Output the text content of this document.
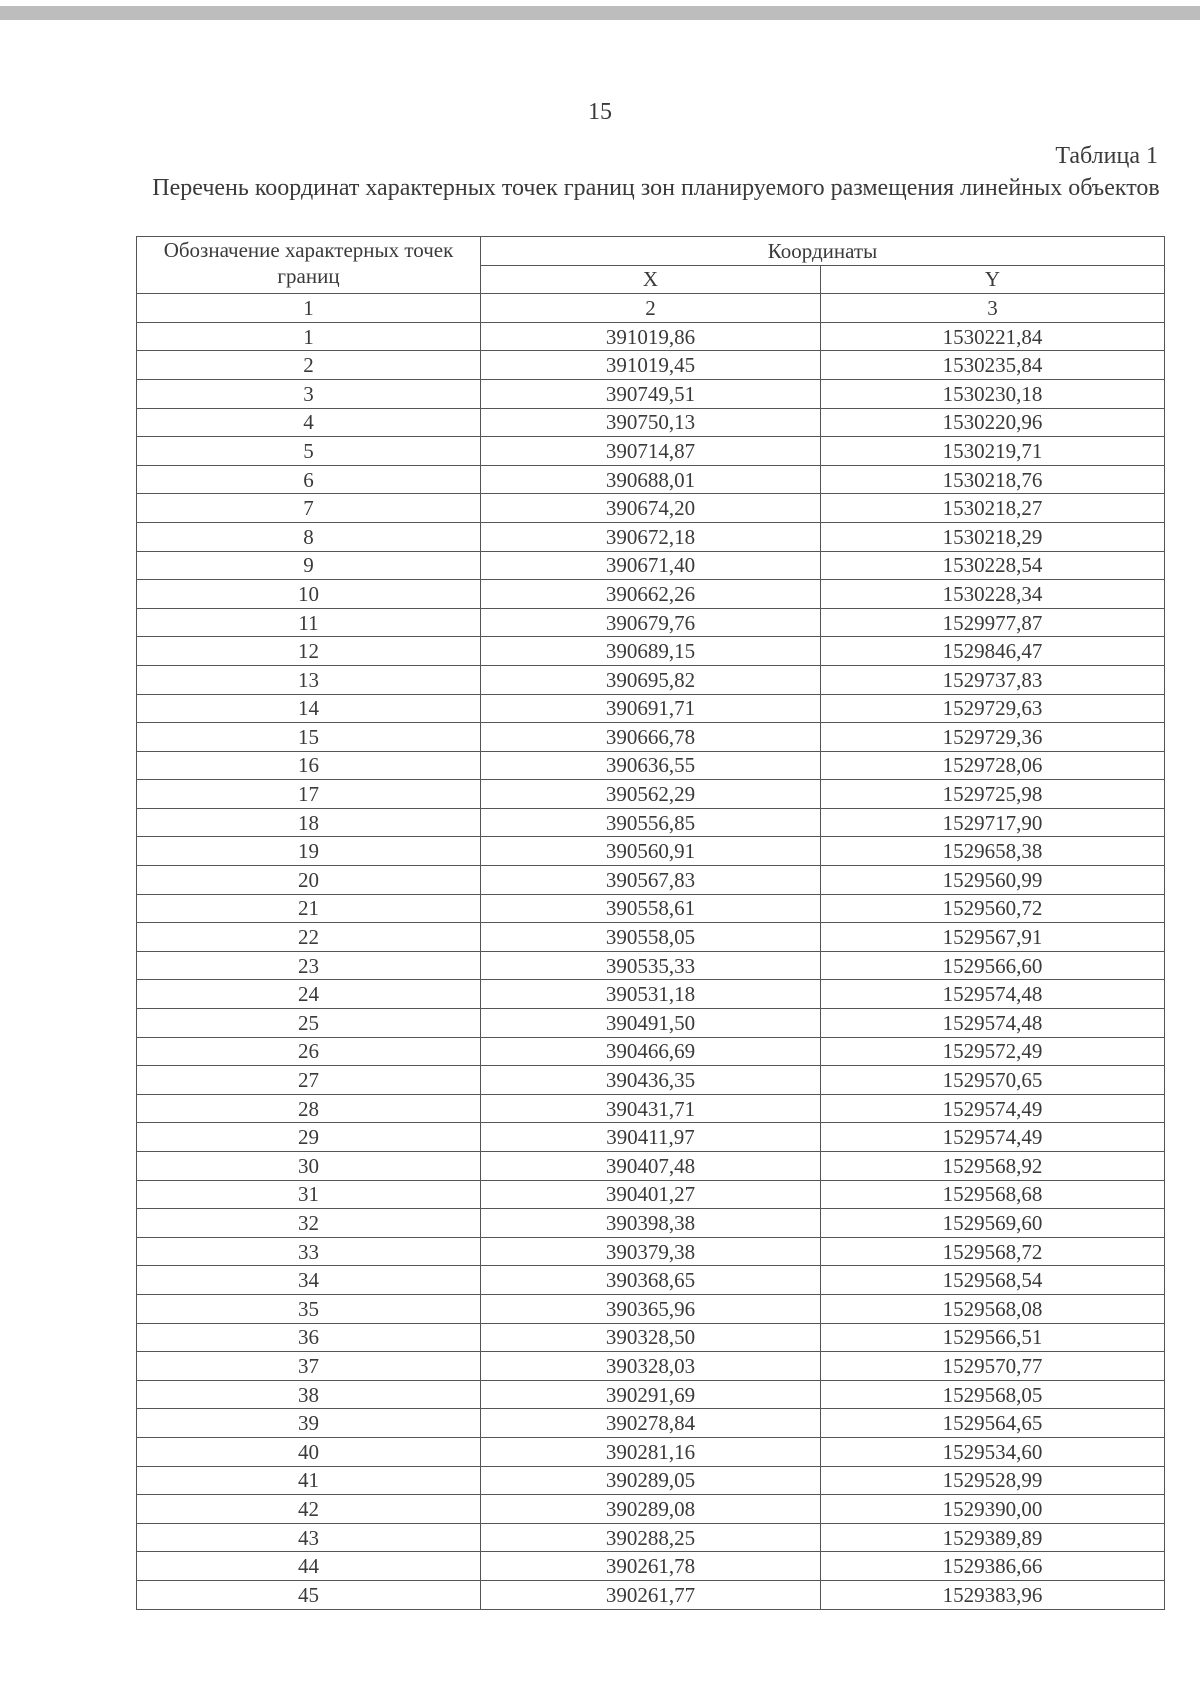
15
Таблица 1
Перечень координат характерных точек границ зон планируемого размещения линейных объектов
Обозначение характерных точек границ	Координаты	
	X	Y
1	2	3
1	391019,86	1530221,84
2	391019,45	1530235,84
3	390749,51	1530230,18
4	390750,13	1530220,96
5	390714,87	1530219,71
6	390688,01	1530218,76
7	390674,20	1530218,27
8	390672,18	1530218,29
9	390671,40	1530228,54
10	390662,26	1530228,34
11	390679,76	1529977,87
12	390689,15	1529846,47
13	390695,82	1529737,83
14	390691,71	1529729,63
15	390666,78	1529729,36
16	390636,55	1529728,06
17	390562,29	1529725,98
18	390556,85	1529717,90
19	390560,91	1529658,38
20	390567,83	1529560,99
21	390558,61	1529560,72
22	390558,05	1529567,91
23	390535,33	1529566,60
24	390531,18	1529574,48
25	390491,50	1529574,48
26	390466,69	1529572,49
27	390436,35	1529570,65
28	390431,71	1529574,49
29	390411,97	1529574,49
30	390407,48	1529568,92
31	390401,27	1529568,68
32	390398,38	1529569,60
33	390379,38	1529568,72
34	390368,65	1529568,54
35	390365,96	1529568,08
36	390328,50	1529566,51
37	390328,03	1529570,77
38	390291,69	1529568,05
39	390278,84	1529564,65
40	390281,16	1529534,60
41	390289,05	1529528,99
42	390289,08	1529390,00
43	390288,25	1529389,89
44	390261,78	1529386,66
45	390261,77	1529383,96
